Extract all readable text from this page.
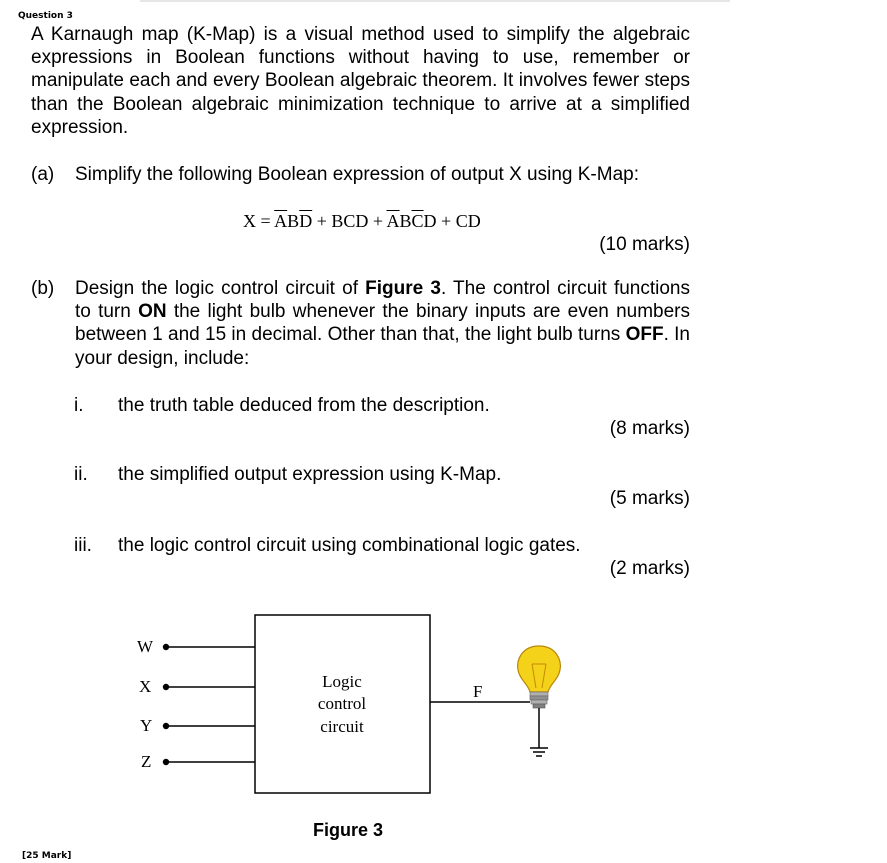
Question 3
A Karnaugh map (K-Map) is a visual method used to simplify the algebraic expressions in Boolean functions without having to use, remember or manipulate each and every Boolean algebraic theorem. It involves fewer steps than the Boolean algebraic minimization technique to arrive at a simplified expression.
(a) Simplify the following Boolean expression of output X using K-Map:
$X = \overline{A}B\overline{D}$ + BCD + $\overline{A}B\overline{C}D$ + CD
(10 marks)
(b) Design the logic control circuit of Figure 3. The control circuit functions to turn ON the light bulb whenever the binary inputs are even numbers between 1 and 15 in decimal. Other than that, the light bulb turns OFF. In your design, include:
i. the truth table deduced from the description.
(8 marks)
ii. the simplified output expression using K-Map.
(5 marks)
iii. the logic control circuit using combinational logic gates.
(2 marks)
W
X
Y
Z
Logic
control
circuit
F
Figure 3
[25 Mark]
